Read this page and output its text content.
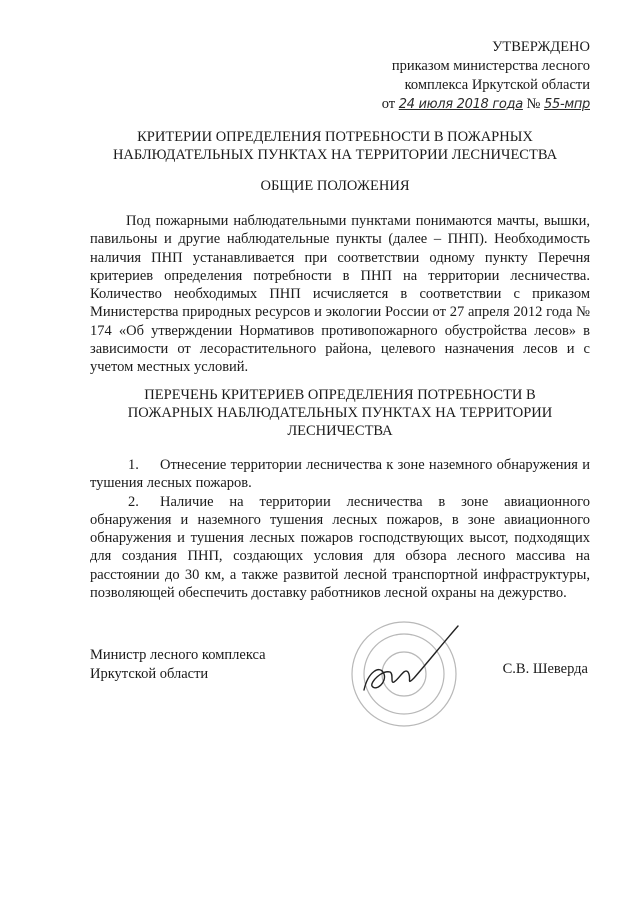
УТВЕРЖДЕНО
приказом министерства лесного
комплекса Иркутской области
от 24 июля 2018 года № 55-мпр
КРИТЕРИИ ОПРЕДЕЛЕНИЯ ПОТРЕБНОСТИ В ПОЖАРНЫХ
НАБЛЮДАТЕЛЬНЫХ ПУНКТАХ НА ТЕРРИТОРИИ ЛЕСНИЧЕСТВА
ОБЩИЕ ПОЛОЖЕНИЯ
Под пожарными наблюдательными пунктами понимаются мачты, вышки, павильоны и другие наблюдательные пункты (далее – ПНП). Необходимость наличия ПНП устанавливается при соответствии одному пункту Перечня критериев определения потребности в ПНП на территории лесничества. Количество необходимых ПНП исчисляется в соответствии с приказом Министерства природных ресурсов и экологии России от 27 апреля 2012 года № 174 «Об утверждении Нормативов противопожарного обустройства лесов» в зависимости от лесорастительного района, целевого назначения лесов и с учетом местных условий.
ПЕРЕЧЕНЬ КРИТЕРИЕВ ОПРЕДЕЛЕНИЯ ПОТРЕБНОСТИ В
ПОЖАРНЫХ НАБЛЮДАТЕЛЬНЫХ ПУНКТАХ НА ТЕРРИТОРИИ
ЛЕСНИЧЕСТВА
1. Отнесение территории лесничества к зоне наземного обнаружения и тушения лесных пожаров.
2. Наличие на территории лесничества в зоне авиационного обнаружения и наземного тушения лесных пожаров, в зоне авиационного обнаружения и тушения лесных пожаров господствующих высот, подходящих для создания ПНП, создающих условия для обзора лесного массива на расстоянии до 30 км, а также развитой лесной транспортной инфраструктуры, позволяющей обеспечить доставку работников лесной охраны на дежурство.
Министр лесного комплекса
Иркутской области	С.В. Шеверда
